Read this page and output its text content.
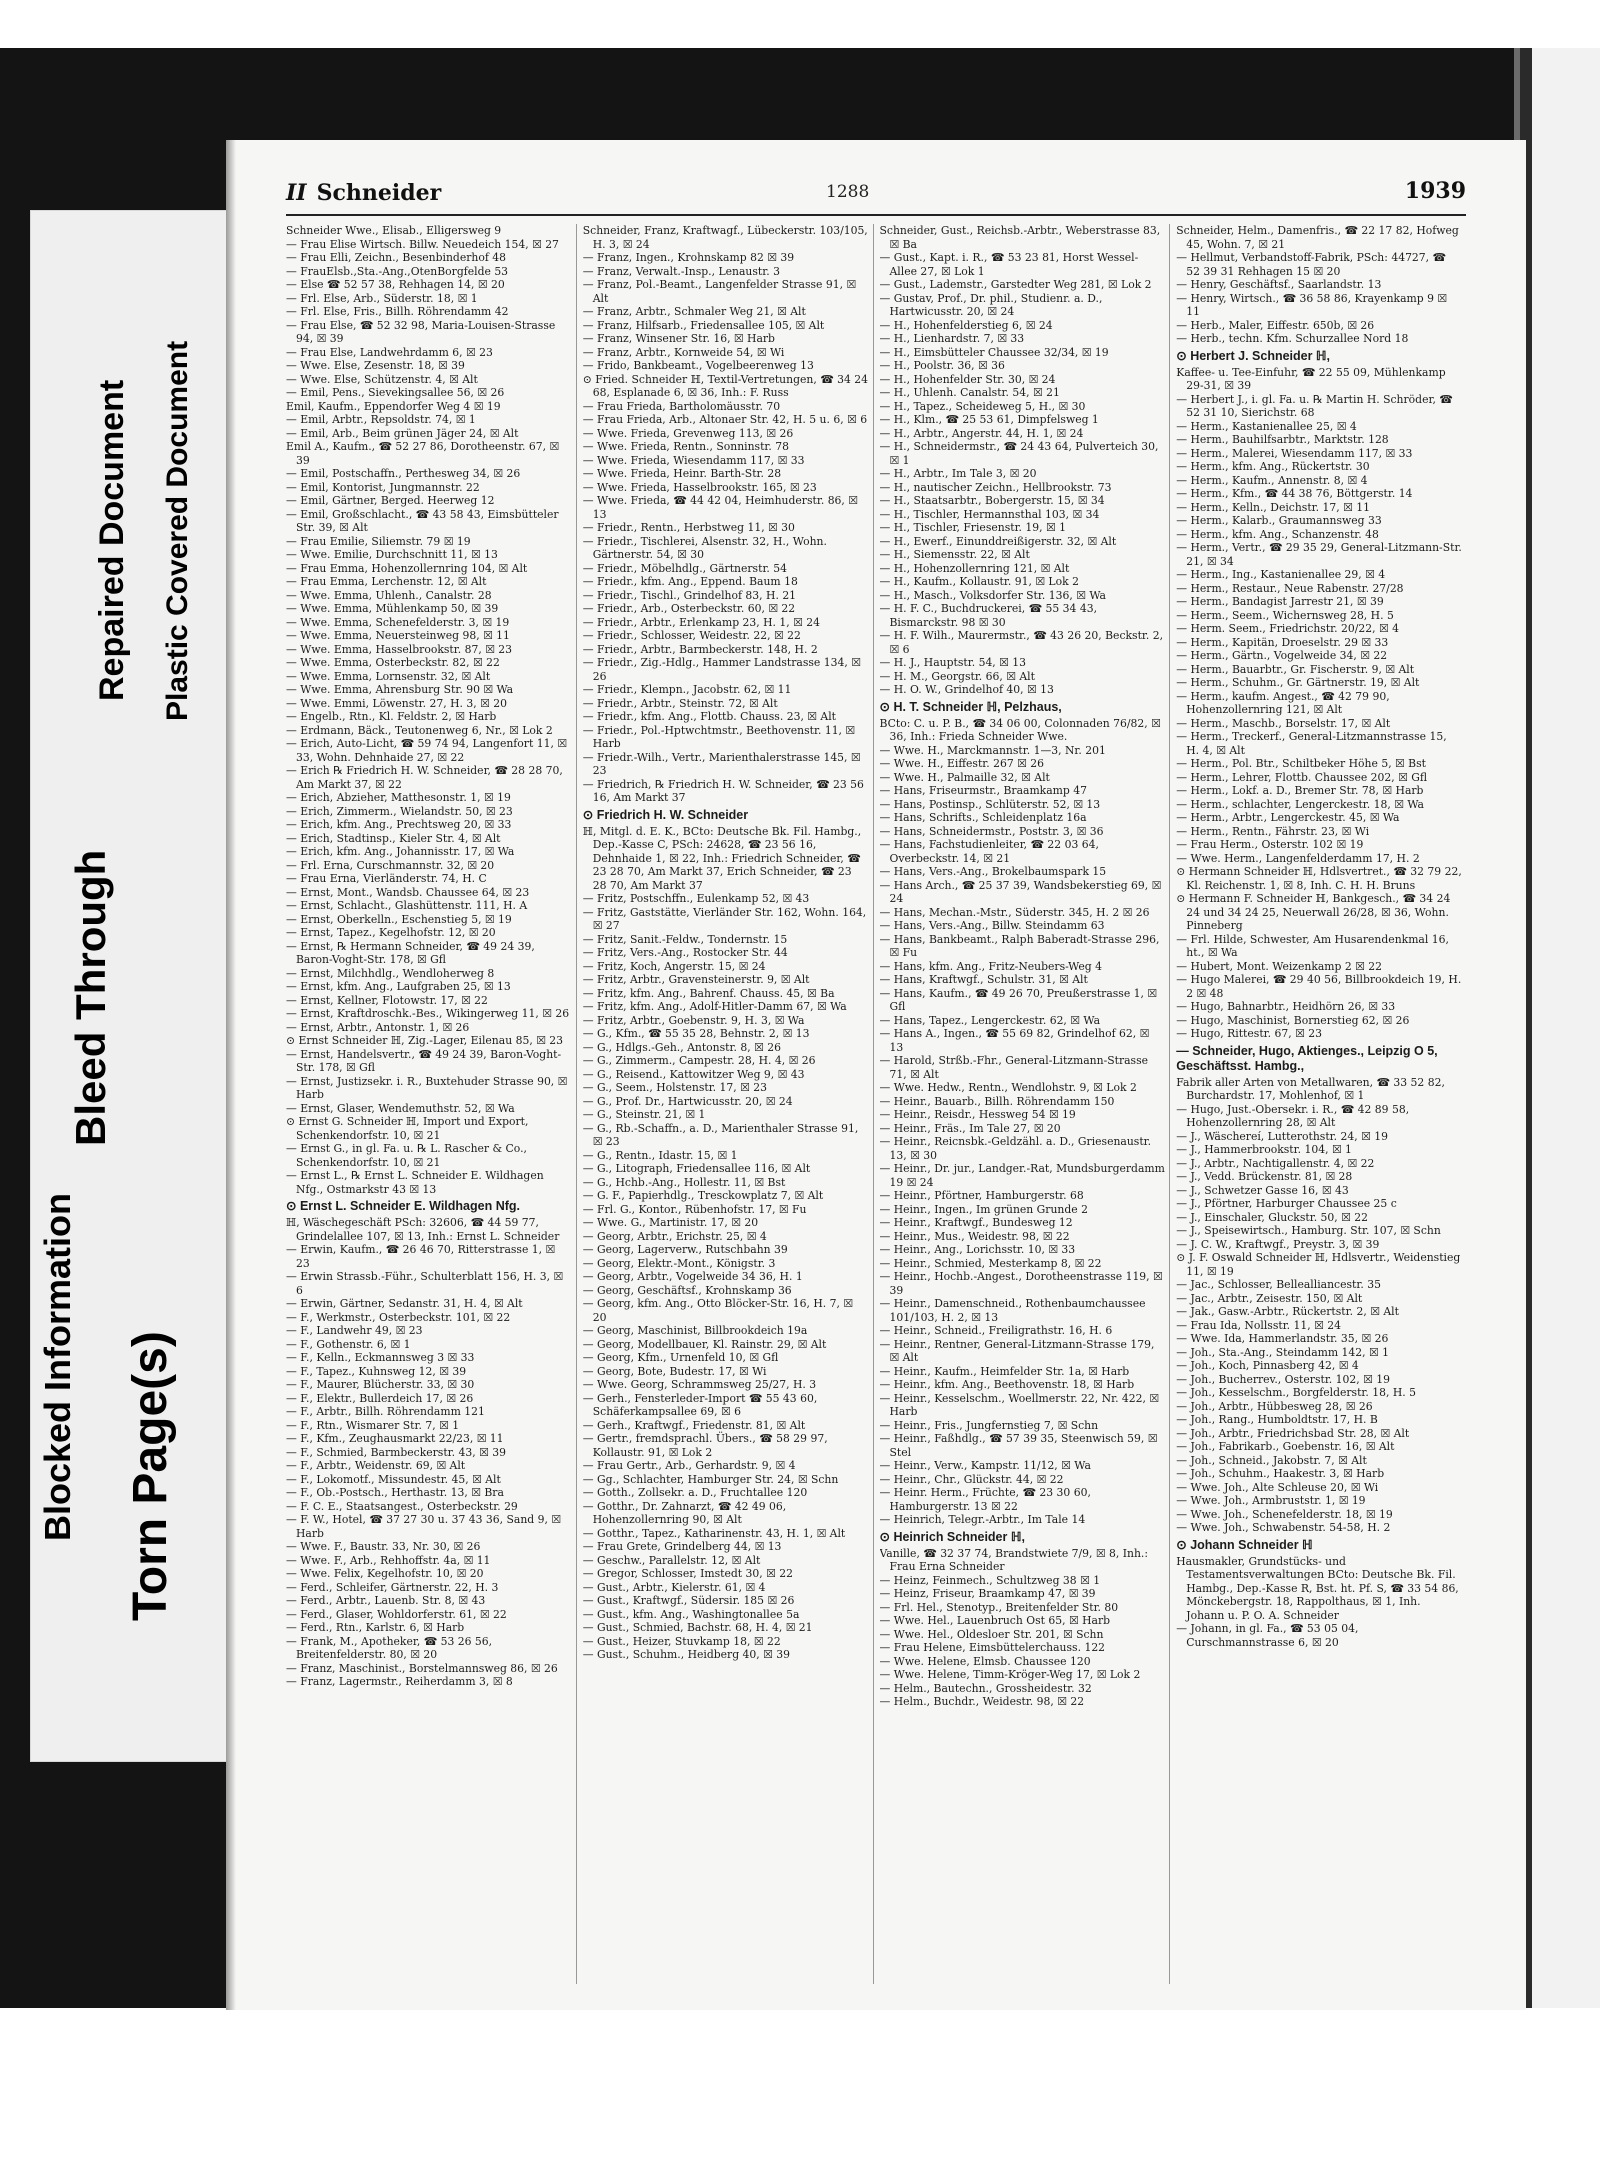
Blocked Information Torn Page(s)
Bleed Through
Repaired Document Plastic Covered Document
II Schneider	1288	1939
Schneider Wwe., Elisab., Elligersweg 9
— Frau Elise Wirtsch. Billw. Neuedeich 154, ☒ 27
— Frau Elli, Zeichn., Besenbinderhof 48
— FrauElsb.,Sta.-Ang.,OtenBorgfelde 53
— Else ☎ 52 57 38, Rehhagen 14, ☒ 20
— Frl. Else, Arb., Süderstr. 18, ☒ 1
— Frl. Else, Fris., Billh. Röhrendamm 42
— Frau Else, ☎ 52 32 98, Maria-Louisen-Strasse 94, ☒ 39
— Frau Else, Landwehrdamm 6, ☒ 23
— Wwe. Else, Zesenstr. 18, ☒ 39
— Wwe. Else, Schützenstr. 4, ☒ Alt
— Emil, Pens., Sievekingsallee 56, ☒ 26
Emil, Kaufm., Eppendorfer Weg 4 ☒ 19
— Emil, Arbtr., Repsoldstr. 74, ☒ 1
— Emil, Arb., Beim grünen Jäger 24, ☒ Alt
Emil A., Kaufm., ☎ 52 27 86, Dorotheenstr. 67, ☒ 39
— Emil, Postschaffn., Perthesweg 34, ☒ 26
— Emil, Kontorist, Jungmannstr. 22
— Emil, Gärtner, Berged. Heerweg 12
— Emil, Großschlacht., ☎ 43 58 43, Eimsbütteler Str. 39, ☒ Alt
— Frau Emilie, Siliemstr. 79 ☒ 19
— Wwe. Emilie, Durchschnitt 11, ☒ 13
— Frau Emma, Hohenzollernring 104, ☒ Alt
— Frau Emma, Lerchenstr. 12, ☒ Alt
— Wwe. Emma, Uhlenh., Canalstr. 28
— Wwe. Emma, Mühlenkamp 50, ☒ 39
— Wwe. Emma, Schenefelderstr. 3, ☒ 19
— Wwe. Emma, Neuersteinweg 98, ☒ 11
— Wwe. Emma, Hasselbrookstr. 87, ☒ 23
— Wwe. Emma, Osterbeckstr. 82, ☒ 22
— Wwe. Emma, Lornsenstr. 32, ☒ Alt
— Wwe. Emma, Ahrensburg Str. 90 ☒ Wa
— Wwe. Emmi, Löwenstr. 27, H. 3, ☒ 20
— Engelb., Rtn., Kl. Feldstr. 2, ☒ Harb
— Erdmann, Bäck., Teutonenweg 6, Nr., ☒ Lok 2
— Erich, Auto-Licht, ☎ 59 74 94, Langenfort 11, ☒ 33, Wohn. Dehnhaide 27, ☒ 22
— Erich ℞ Friedrich H. W. Schneider, ☎ 28 28 70, Am Markt 37, ☒ 22
— Erich, Abzieher, Matthesonstr. 1, ☒ 19
— Erich, Zimmerm., Wielandstr. 50, ☒ 23
— Erich, kfm. Ang., Prechtsweg 20, ☒ 33
— Erich, Stadtinsp., Kieler Str. 4, ☒ Alt
— Erich, kfm. Ang., Johannisstr. 17, ☒ Wa
— Frl. Erna, Curschmannstr. 32, ☒ 20
— Frau Erna, Vierländerstr. 74, H. C
— Ernst, Mont., Wandsb. Chaussee 64, ☒ 23
— Ernst, Schlacht., Glashüttenstr. 111, H. A
— Ernst, Oberkelln., Eschenstieg 5, ☒ 19
— Ernst, Tapez., Kegelhofstr. 12, ☒ 20
— Ernst, ℞ Hermann Schneider, ☎ 49 24 39, Baron-Voght-Str. 178, ☒ Gfl
— Ernst, Milchhdlg., Wendloherweg 8
— Ernst, kfm. Ang., Laufgraben 25, ☒ 13
— Ernst, Kellner, Flotowstr. 17, ☒ 22
— Ernst, Kraftdroschk.-Bes., Wikingerweg 11, ☒ 26
— Ernst, Arbtr., Antonstr. 1, ☒ 26
⊙ Ernst Schneider ℍ, Zig.-Lager, Eilenau 85, ☒ 23
— Ernst, Handelsvertr., ☎ 49 24 39, Baron-Voght-Str. 178, ☒ Gfl
— Ernst, Justizsekr. i. R., Buxtehuder Strasse 90, ☒ Harb
— Ernst, Glaser, Wendemuthstr. 52, ☒ Wa
⊙ Ernst G. Schneider ℍ, Import und Export, Schenkendorfstr. 10, ☒ 21
— Ernst G., in gl. Fa. u. ℞ L. Rascher & Co., Schenkendorfstr. 10, ☒ 21
— Ernst L., ℞ Ernst L. Schneider E. Wildhagen Nfg., Ostmarkstr 43 ☒ 13
⊙ Ernst L. Schneider E. Wildhagen Nfg.
ℍ, Wäschegeschäft PSch: 32606, ☎ 44 59 77, Grindelallee 107, ☒ 13, Inh.: Ernst L. Schneider
— Erwin, Kaufm., ☎ 26 46 70, Ritterstrasse 1, ☒ 23
— Erwin Strassb.-Führ., Schulterblatt 156, H. 3, ☒ 6
— Erwin, Gärtner, Sedanstr. 31, H. 4, ☒ Alt
— F., Werkmstr., Osterbeckstr. 101, ☒ 22
— F., Landwehr 49, ☒ 23
— F., Gothenstr. 6, ☒ 1
— F., Kelln., Eckmannsweg 3 ☒ 33
— F., Tapez., Kuhnsweg 12, ☒ 39
— F., Maurer, Blücherstr. 33, ☒ 30
— F., Elektr., Bullerdeich 17, ☒ 26
— F., Arbtr., Billh. Röhrendamm 121
— F., Rtn., Wismarer Str. 7, ☒ 1
— F., Kfm., Zeughausmarkt 22/23, ☒ 11
— F., Schmied, Barmbeckerstr. 43, ☒ 39
— F., Arbtr., Weidenstr. 69, ☒ Alt
— F., Lokomotf., Missundestr. 45, ☒ Alt
— F., Ob.-Postsch., Herthastr. 13, ☒ Bra
— F. C. E., Staatsangest., Osterbeckstr. 29
— F. W., Hotel, ☎ 37 27 30 u. 37 43 36, Sand 9, ☒ Harb
— Wwe. F., Baustr. 33, Nr. 30, ☒ 26
— Wwe. F., Arb., Rehhoffstr. 4a, ☒ 11
— Wwe. Felix, Kegelhofstr. 10, ☒ 20
— Ferd., Schleifer, Gärtnerstr. 22, H. 3
— Ferd., Arbtr., Lauenb. Str. 8, ☒ 43
— Ferd., Glaser, Wohldorferstr. 61, ☒ 22
— Ferd., Rtn., Karlstr. 6, ☒ Harb
— Frank, M., Apotheker, ☎ 53 26 56, Breitenfelderstr. 80, ☒ 20
— Franz, Maschinist., Borstelmannsweg 86, ☒ 26
— Franz, Lagermstr., Reiherdamm 3, ☒ 8
Schneider, Franz, Kraftwagf., Lübeckerstr. 103/105, H. 3, ☒ 24
— Franz, Ingen., Krohnskamp 82 ☒ 39
— Franz, Verwalt.-Insp., Lenaustr. 3
— Franz, Pol.-Beamt., Langenfelder Strasse 91, ☒ Alt
— Franz, Arbtr., Schmaler Weg 21, ☒ Alt
— Franz, Hilfsarb., Friedensallee 105, ☒ Alt
— Franz, Winsener Str. 16, ☒ Harb
— Franz, Arbtr., Kornweide 54, ☒ Wi
— Frido, Bankbeamt., Vogelbeerenweg 13
⊙ Fried. Schneider ℍ, Textil-Vertretungen, ☎ 34 24 68, Esplanade 6, ☒ 36, Inh.: F. Russ
— Frau Frieda, Bartholomäusstr. 70
— Frau Frieda, Arb., Altonaer Str. 42, H. 5 u. 6, ☒ 6
— Wwe. Frieda, Grevenweg 113, ☒ 26
— Wwe. Frieda, Rentn., Sonninstr. 78
— Wwe. Frieda, Wiesendamm 117, ☒ 33
— Wwe. Frieda, Heinr. Barth-Str. 28
— Wwe. Frieda, Hasselbrookstr. 165, ☒ 23
— Wwe. Frieda, ☎ 44 42 04, Heimhuderstr. 86, ☒ 13
— Friedr., Rentn., Herbstweg 11, ☒ 30
— Friedr., Tischlerei, Alsenstr. 32, H., Wohn. Gärtnerstr. 54, ☒ 30
— Friedr., Möbelhdlg., Gärtnerstr. 54
— Friedr., kfm. Ang., Eppend. Baum 18
— Friedr., Tischl., Grindelhof 83, H. 21
— Friedr., Arb., Osterbeckstr. 60, ☒ 22
— Friedr., Arbtr., Erlenkamp 23, H. 1, ☒ 24
— Friedr., Schlosser, Weidestr. 22, ☒ 22
— Friedr., Arbtr., Barmbeckerstr. 148, H. 2
— Friedr., Zig.-Hdlg., Hammer Landstrasse 134, ☒ 26
— Friedr., Klempn., Jacobstr. 62, ☒ 11
— Friedr., Arbtr., Steinstr. 72, ☒ Alt
— Friedr., kfm. Ang., Flottb. Chauss. 23, ☒ Alt
— Friedr., Pol.-Hptwchtmstr., Beethovenstr. 11, ☒ Harb
— Friedr.-Wilh., Vertr., Marienthalerstrasse 145, ☒ 23
— Friedrich, ℞ Friedrich H. W. Schneider, ☎ 23 56 16, Am Markt 37
⊙ Friedrich H. W. Schneider
ℍ, Mitgl. d. E. K., BCto: Deutsche Bk. Fil. Hambg., Dep.-Kasse C, PSch: 24628, ☎ 23 56 16, Dehnhaide 1, ☒ 22, Inh.: Friedrich Schneider, ☎ 23 28 70, Am Markt 37, Erich Schneider, ☎ 23 28 70, Am Markt 37
— Fritz, Postschffn., Eulenkamp 52, ☒ 43
— Fritz, Gaststätte, Vierländer Str. 162, Wohn. 164, ☒ 27
— Fritz, Sanit.-Feldw., Tondernstr. 15
— Fritz, Vers.-Ang., Rostocker Str. 44
— Fritz, Koch, Angerstr. 15, ☒ 24
— Fritz, Arbtr., Gravensteinerstr. 9, ☒ Alt
— Fritz, kfm. Ang., Bahrenf. Chauss. 45, ☒ Ba
— Fritz, kfm. Ang., Adolf-Hitler-Damm 67, ☒ Wa
— Fritz, Arbtr., Goebenstr. 9, H. 3, ☒ Wa
— G., Kfm., ☎ 55 35 28, Behnstr. 2, ☒ 13
— G., Hdlgs.-Geh., Antonstr. 8, ☒ 26
— G., Zimmerm., Campestr. 28, H. 4, ☒ 26
— G., Reisend., Kattowitzer Weg 9, ☒ 43
— G., Seem., Holstenstr. 17, ☒ 23
— G., Prof. Dr., Hartwicusstr. 20, ☒ 24
— G., Steinstr. 21, ☒ 1
— G., Rb.-Schaffn., a. D., Marienthaler Strasse 91, ☒ 23
— G., Rentn., Idastr. 15, ☒ 1
— G., Litograph, Friedensallee 116, ☒ Alt
— G., Hchb.-Ang., Hollestr. 11, ☒ Bst
— G. F., Papierhdlg., Tresckowplatz 7, ☒ Alt
— Frl. G., Kontor., Rübenhofstr. 17, ☒ Fu
— Wwe. G., Martinistr. 17, ☒ 20
— Georg, Arbtr., Erichstr. 25, ☒ 4
— Georg, Lagerverw., Rutschbahn 39
— Georg, Elektr.-Mont., Königstr. 3
— Georg, Arbtr., Vogelweide 34 36, H. 1
— Georg, Geschäftsf., Krohnskamp 36
— Georg, kfm. Ang., Otto Blöcker-Str. 16, H. 7, ☒ 20
— Georg, Maschinist, Billbrookdeich 19a
— Georg, Modellbauer, Kl. Rainstr. 29, ☒ Alt
— Georg, Kfm., Urnenfeld 10, ☒ Gfl
— Georg, Bote, Budestr. 17, ☒ Wi
— Wwe. Georg, Schrammsweg 25/27, H. 3
— Gerh., Fensterleder-Import ☎ 55 43 60, Schäferkampsallee 69, ☒ 6
— Gerh., Kraftwgf., Friedenstr. 81, ☒ Alt
— Gertr., fremdsprachl. Übers., ☎ 58 29 97, Kollaustr. 91, ☒ Lok 2
— Frau Gertr., Arb., Gerhardstr. 9, ☒ 4
— Gg., Schlachter, Hamburger Str. 24, ☒ Schn
— Gotth., Zollsekr. a. D., Fruchtallee 120
— Gotthr., Dr. Zahnarzt, ☎ 42 49 06, Hohenzollernring 90, ☒ Alt
— Gotthr., Tapez., Katharinenstr. 43, H. 1, ☒ Alt
— Frau Grete, Grindelberg 44, ☒ 13
— Geschw., Parallelstr. 12, ☒ Alt
— Gregor, Schlosser, Imstedt 30, ☒ 22
— Gust., Arbtr., Kielerstr. 61, ☒ 4
— Gust., Kraftwgf., Südersir. 185 ☒ 26
— Gust., kfm. Ang., Washingtonallee 5a
— Gust., Schmied, Bachstr. 68, H. 4, ☒ 21
— Gust., Heizer, Stuvkamp 18, ☒ 22
— Gust., Schuhm., Heidberg 40, ☒ 39
Schneider, Gust., Reichsb.-Arbtr., Weberstrasse 83, ☒ Ba
— Gust., Kapt. i. R., ☎ 53 23 81, Horst Wessel-Allee 27, ☒ Lok 1
— Gust., Lademstr., Garstedter Weg 281, ☒ Lok 2
— Gustav, Prof., Dr. phil., Studienr. a. D., Hartwicusstr. 20, ☒ 24
— H., Hohenfelderstieg 6, ☒ 24
— H., Lienhardstr. 7, ☒ 33
— H., Eimsbütteler Chaussee 32/34, ☒ 19
— H., Poolstr. 36, ☒ 36
— H., Hohenfelder Str. 30, ☒ 24
— H., Uhlenh. Canalstr. 54, ☒ 21
— H., Tapez., Scheideweg 5, H., ☒ 30
— H., Klm., ☎ 25 53 61, Dimpfelsweg 1
— H., Arbtr., Angerstr. 44, H. 1, ☒ 24
— H., Schneidermstr., ☎ 24 43 64, Pulverteich 30, ☒ 1
— H., Arbtr., Im Tale 3, ☒ 20
— H., nautischer Zeichn., Hellbrookstr. 73
— H., Staatsarbtr., Bobergerstr. 15, ☒ 34
— H., Tischler, Hermannsthal 103, ☒ 34
— H., Tischler, Friesenstr. 19, ☒ 1
— H., Ewerf., Einunddreißigerstr. 32, ☒ Alt
— H., Siemensstr. 22, ☒ Alt
— H., Hohenzollernring 121, ☒ Alt
— H., Kaufm., Kollaustr. 91, ☒ Lok 2
— H., Masch., Volksdorfer Str. 136, ☒ Wa
— H. F. C., Buchdruckerei, ☎ 55 34 43, Bismarckstr. 98 ☒ 30
— H. F. Wilh., Maurermstr., ☎ 43 26 20, Beckstr. 2, ☒ 6
— H. J., Hauptstr. 54, ☒ 13
— H. M., Georgstr. 66, ☒ Alt
— H. O. W., Grindelhof 40, ☒ 13
⊙ H. T. Schneider ℍ, Pelzhaus,
BCto: C. u. P. B., ☎ 34 06 00, Colonnaden 76/82, ☒ 36, Inh.: Frieda Schneider Wwe.
— Wwe. H., Marckmannstr. 1—3, Nr. 201
— Wwe. H., Eiffestr. 267 ☒ 26
— Wwe. H., Palmaille 32, ☒ Alt
— Hans, Friseurmstr., Braamkamp 47
— Hans, Postinsp., Schlüterstr. 52, ☒ 13
— Hans, Schrifts., Schleidenplatz 16a
— Hans, Schneidermstr., Poststr. 3, ☒ 36
— Hans, Fachstudienleiter, ☎ 22 03 64, Overbeckstr. 14, ☒ 21
— Hans, Vers.-Ang., Brokelbaumspark 15
— Hans Arch., ☎ 25 37 39, Wandsbekerstieg 69, ☒ 24
— Hans, Mechan.-Mstr., Süderstr. 345, H. 2 ☒ 26
— Hans, Vers.-Ang., Billw. Steindamm 63
— Hans, Bankbeamt., Ralph Baberadt-Strasse 296, ☒ Fu
— Hans, kfm. Ang., Fritz-Neubers-Weg 4
— Hans, Kraftwgf., Schulstr. 31, ☒ Alt
— Hans, Kaufm., ☎ 49 26 70, Preußerstrasse 1, ☒ Gfl
— Hans, Tapez., Lengerckestr. 62, ☒ Wa
— Hans A., Ingen., ☎ 55 69 82, Grindelhof 62, ☒ 13
— Harold, Strßb.-Fhr., General-Litzmann-Strasse 71, ☒ Alt
— Wwe. Hedw., Rentn., Wendlohstr. 9, ☒ Lok 2
— Heinr., Bauarb., Billh. Röhrendamm 150
— Heinr., Reisdr., Hessweg 54 ☒ 19
— Heinr., Fräs., Im Tale 27, ☒ 20
— Heinr., Reicnsbk.-Geldzähl. a. D., Griesenaustr. 13, ☒ 30
— Heinr., Dr. jur., Landger.-Rat, Mundsburgerdamm 19 ☒ 24
— Heinr., Pförtner, Hamburgerstr. 68
— Heinr., Ingen., Im grünen Grunde 2
— Heinr., Kraftwgf., Bundesweg 12
— Heinr., Mus., Weidestr. 98, ☒ 22
— Heinr., Ang., Lorichsstr. 10, ☒ 33
— Heinr., Schmied, Mesterkamp 8, ☒ 22
— Heinr., Hochb.-Angest., Dorotheenstrasse 119, ☒ 39
— Heinr., Damenschneid., Rothenbaumchaussee 101/103, H. 2, ☒ 13
— Heinr., Schneid., Freiligrathstr. 16, H. 6
— Heinr., Rentner, General-Litzmann-Strasse 179, ☒ Alt
— Heinr., Kaufm., Heimfelder Str. 1a, ☒ Harb
— Heinr., kfm. Ang., Beethovenstr. 18, ☒ Harb
— Heinr., Kesselschm., Woellmerstr. 22, Nr. 422, ☒ Harb
— Heinr., Fris., Jungfernstieg 7, ☒ Schn
— Heinr., Faßhdlg., ☎ 57 39 35, Steenwisch 59, ☒ Stel
— Heinr., Verw., Kampstr. 11/12, ☒ Wa
— Heinr., Chr., Glückstr. 44, ☒ 22
— Heinr. Herm., Früchte, ☎ 23 30 60, Hamburgerstr. 13 ☒ 22
— Heinrich, Telegr.-Arbtr., Im Tale 14
⊙ Heinrich Schneider ℍ,
Vanille, ☎ 32 37 74, Brandstwiete 7/9, ☒ 8, Inh.: Frau Erna Schneider
— Heinz, Feinmech., Schultzweg 38 ☒ 1
— Heinz, Friseur, Braamkamp 47, ☒ 39
— Frl. Hel., Stenotyp., Breitenfelder Str. 80
— Wwe. Hel., Lauenbruch Ost 65, ☒ Harb
— Wwe. Hel., Oldesloer Str. 201, ☒ Schn
— Frau Helene, Eimsbüttelerchauss. 122
— Wwe. Helene, Elmsb. Chaussee 120
— Wwe. Helene, Timm-Kröger-Weg 17, ☒ Lok 2
— Helm., Bautechn., Grossheidestr. 32
— Helm., Buchdr., Weidestr. 98, ☒ 22
Schneider, Helm., Damenfris., ☎ 22 17 82, Hofweg 45, Wohn. 7, ☒ 21
— Hellmut, Verbandstoff-Fabrik, PSch: 44727, ☎ 52 39 31 Rehhagen 15 ☒ 20
— Henry, Geschäftsf., Saarlandstr. 13
— Henry, Wirtsch., ☎ 36 58 86, Krayenkamp 9 ☒ 11
— Herb., Maler, Eiffestr. 650b, ☒ 26
— Herb., techn. Kfm. Schurzallee Nord 18
⊙ Herbert J. Schneider ℍ,
Kaffee- u. Tee-Einfuhr, ☎ 22 55 09, Mühlenkamp 29-31, ☒ 39
— Herbert J., i. gl. Fa. u. ℞ Martin H. Schröder, ☎ 52 31 10, Sierichstr. 68
— Herm., Kastanienallee 25, ☒ 4
— Herm., Bauhilfsarbtr., Marktstr. 128
— Herm., Malerei, Wiesendamm 117, ☒ 33
— Herm., kfm. Ang., Rückertstr. 30
— Herm., Kaufm., Annenstr. 8, ☒ 4
— Herm., Kfm., ☎ 44 38 76, Böttgerstr. 14
— Herm., Kelln., Deichstr. 17, ☒ 11
— Herm., Kalarb., Graumannsweg 33
— Herm., kfm. Ang., Schanzenstr. 48
— Herm., Vertr., ☎ 29 35 29, General-Litzmann-Str. 21, ☒ 34
— Herm., Ing., Kastanienallee 29, ☒ 4
— Herm., Restaur., Neue Rabenstr. 27/28
— Herm., Bandagist Jarrestr 21, ☒ 39
— Herm., Seem., Wichernsweg 28, H. 5
— Herm. Seem., Friedrichstr. 20/22, ☒ 4
— Herm., Kapitän, Droeselstr. 29 ☒ 33
— Herm., Gärtn., Vogelweide 34, ☒ 22
— Herm., Bauarbtr., Gr. Fischerstr. 9, ☒ Alt
— Herm., Schuhm., Gr. Gärtnerstr. 19, ☒ Alt
— Herm., kaufm. Angest., ☎ 42 79 90, Hohenzollernring 121, ☒ Alt
— Herm., Maschb., Borselstr. 17, ☒ Alt
— Herm., Treckerf., General-Litzmannstrasse 15, H. 4, ☒ Alt
— Herm., Pol. Btr., Schiltbeker Höhe 5, ☒ Bst
— Herm., Lehrer, Flottb. Chaussee 202, ☒ Gfl
— Herm., Lokf. a. D., Bremer Str. 78, ☒ Harb
— Herm., schlachter, Lengerckestr. 18, ☒ Wa
— Herm., Arbtr., Lengerckestr. 45, ☒ Wa
— Herm., Rentn., Fährstr. 23, ☒ Wi
— Frau Herm., Osterstr. 102 ☒ 19
— Wwe. Herm., Langenfelderdamm 17, H. 2
⊙ Hermann Schneider ℍ, Hdlsvertret., ☎ 32 79 22, Kl. Reichenstr. 1, ☒ 8, Inh. C. H. H. Bruns
⊙ Hermann F. Schneider ℍ, Bankgesch., ☎ 34 24 24 und 34 24 25, Neuerwall 26/28, ☒ 36, Wohn. Pinneberg
— Frl. Hilde, Schwester, Am Husarendenkmal 16, ht., ☒ Wa
— Hubert, Mont. Weizenkamp 2 ☒ 22
— Hugo Malerei, ☎ 29 40 56, Billbrookdeich 19, H. 2 ☒ 48
— Hugo, Bahnarbtr., Heidhörn 26, ☒ 33
— Hugo, Maschinist, Bornerstieg 62, ☒ 26
— Hugo, Rittestr. 67, ☒ 23
— Schneider, Hugo, Aktienges., Leipzig O 5, Geschäftsst. Hambg.,
Fabrik aller Arten von Metallwaren, ☎ 33 52 82, Burchardstr. 17, Mohlenhof, ☒ 1
— Hugo, Just.-Obersekr. i. R., ☎ 42 89 58, Hohenzollernring 28, ☒ Alt
— J., Wäschereí, Lutterothstr. 24, ☒ 19
— J., Hammerbrookstr. 104, ☒ 1
— J., Arbtr., Nachtigallenstr. 4, ☒ 22
— J., Vedd. Brückenstr. 81, ☒ 28
— J., Schwetzer Gasse 16, ☒ 43
— J., Pförtner, Harburger Chaussee 25 c
— J., Einschaler, Gluckstr. 50, ☒ 22
— J., Speisewirtsch., Hamburg. Str. 107, ☒ Schn
— J. C. W., Kraftwgf., Preystr. 3, ☒ 39
⊙ J. F. Oswald Schneider ℍ, Hdlsvertr., Weidenstieg 11, ☒ 19
— Jac., Schlosser, Bellealliancestr. 35
— Jac., Arbtr., Zeisestr. 150, ☒ Alt
— Jak., Gasw.-Arbtr., Rückertstr. 2, ☒ Alt
— Frau Ida, Nollsstr. 11, ☒ 24
— Wwe. Ida, Hammerlandstr. 35, ☒ 26
— Joh., Sta.-Ang., Steindamm 142, ☒ 1
— Joh., Koch, Pinnasberg 42, ☒ 4
— Joh., Bucherrev., Osterstr. 102, ☒ 19
— Joh., Kesselschm., Borgfelderstr. 18, H. 5
— Joh., Arbtr., Hübbesweg 28, ☒ 26
— Joh., Rang., Humboldtstr. 17, H. B
— Joh., Arbtr., Friedrichsbad Str. 28, ☒ Alt
— Joh., Fabrikarb., Goebenstr. 16, ☒ Alt
— Joh., Schneid., Jakobstr. 7, ☒ Alt
— Joh., Schuhm., Haakestr. 3, ☒ Harb
— Wwe. Joh., Alte Schleuse 20, ☒ Wi
— Wwe. Joh., Armbruststr. 1, ☒ 19
— Wwe. Joh., Schenefelderstr. 18, ☒ 19
— Wwe. Joh., Schwabenstr. 54-58, H. 2
⊙ Johann Schneider ℍ
Hausmakler, Grundstücks- und Testamentsverwaltungen BCto: Deutsche Bk. Fil. Hambg., Dep.-Kasse R, Bst. ht. Pf. S, ☎ 33 54 86, Mönckebergstr. 18, Rappolthaus, ☒ 1, Inh. Johann u. P. O. A. Schneider
— Johann, in gl. Fa., ☎ 53 05 04, Curschmannstrasse 6, ☒ 20
